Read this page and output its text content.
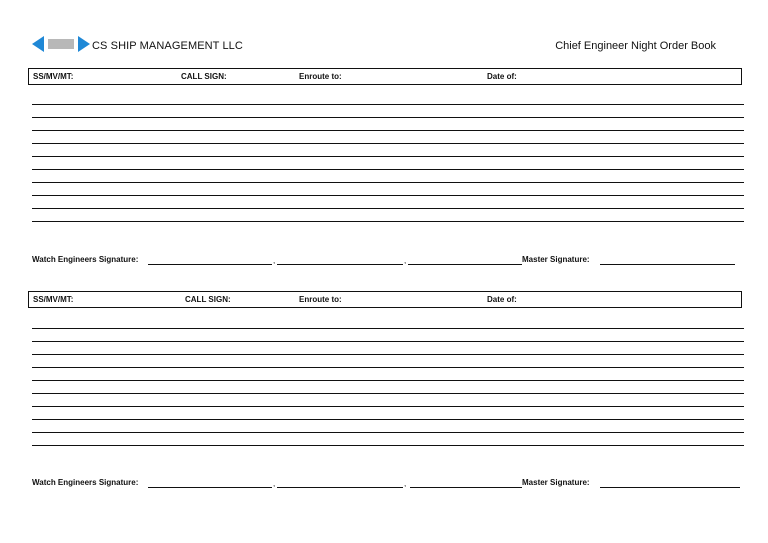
CS SHIP MANAGEMENT LLC	Chief Engineer Night Order Book
SS/MV/MT:	CALL SIGN:	Enroute to:	Date of:
Watch Engineers Signature:	,	,	Master Signature:
SS/MV/MT:	CALL SIGN:	Enroute to:	Date of:
Watch Engineers Signature:	,	,	Master Signature:
